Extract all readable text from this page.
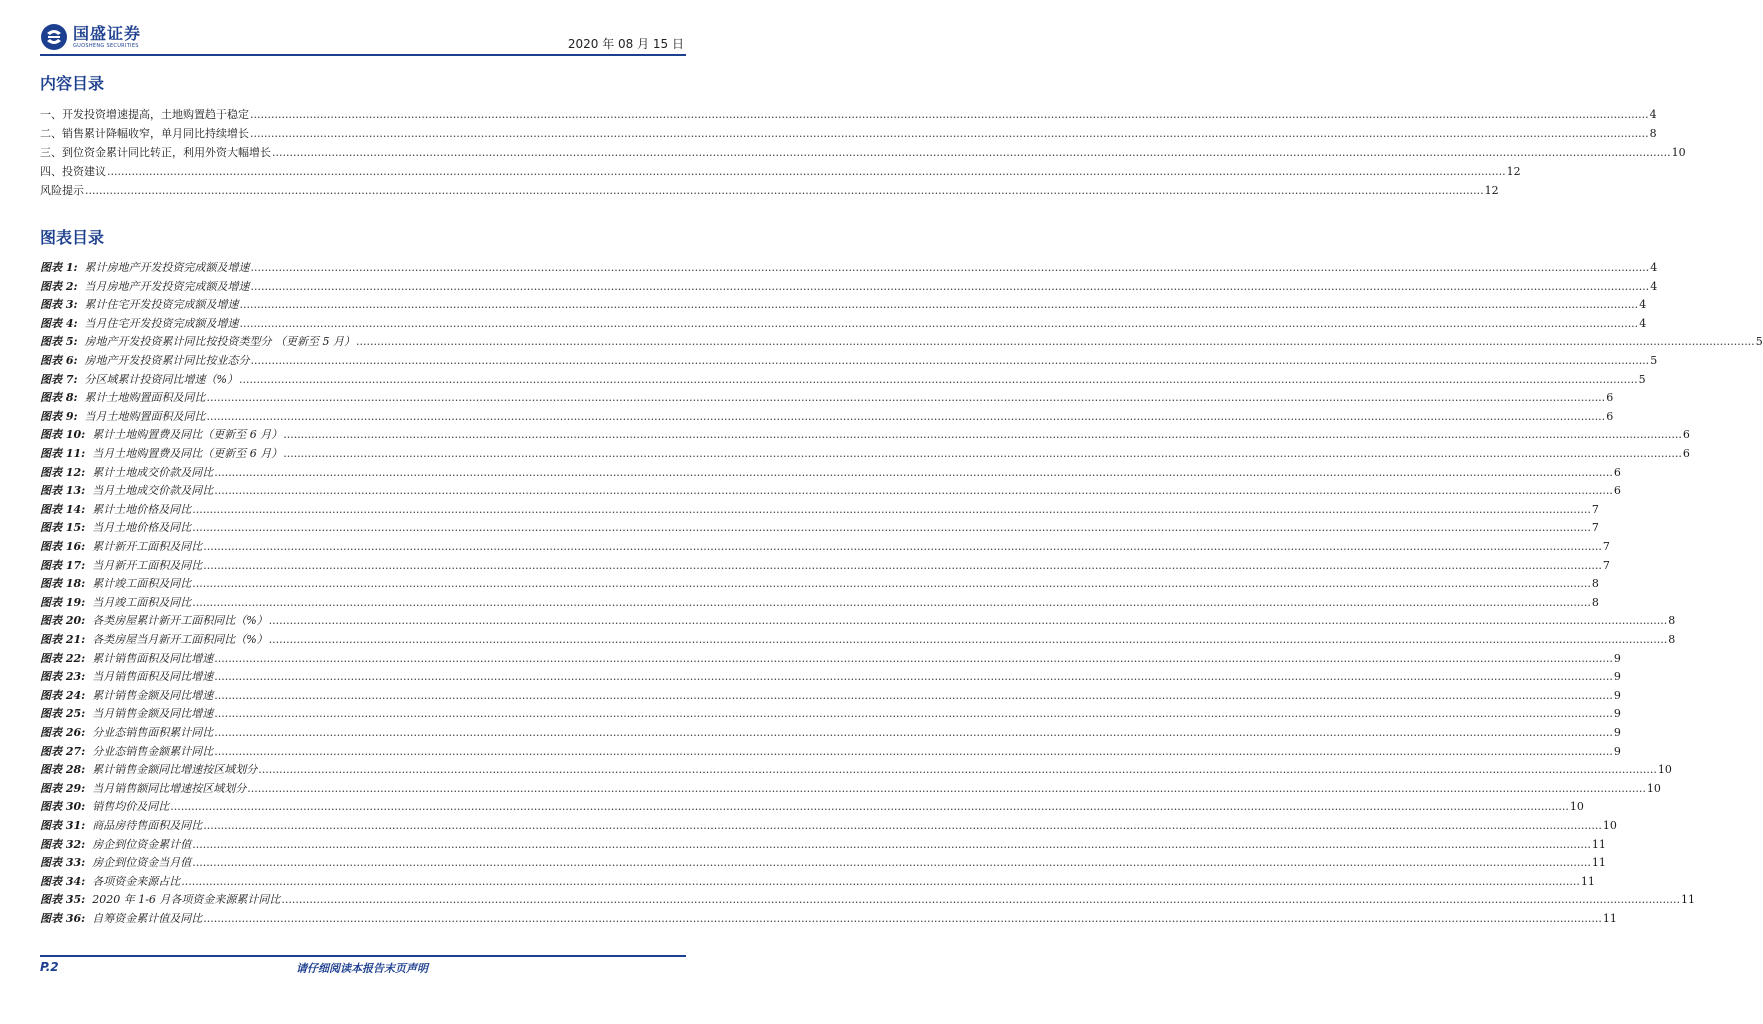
国盛证券
GUOSHENG SECURITIES	2020 年 08 月 15 日
内容目录
一、开发投资增速提高，土地购置趋于稳定 ................................................................................................................................................................................................................................................................................................................................................................................................................ 4
二、销售累计降幅收窄，单月同比持续增长 ................................................................................................................................................................................................................................................................................................................................................................................................................ 8
三、到位资金累计同比转正，利用外资大幅增长 ................................................................................................................................................................................................................................................................................................................................................................................................................ 10
四、投资建议 ................................................................................................................................................................................................................................................................................................................................................................................................................ 12
风险提示 ................................................................................................................................................................................................................................................................................................................................................................................................................ 12
图表目录
图表 1: 累计房地产开发投资完成额及增速 ................................................................................................................................................................................................................................................................................................................................................................................................................ 4
图表 2: 当月房地产开发投资完成额及增速 ................................................................................................................................................................................................................................................................................................................................................................................................................ 4
图表 3: 累计住宅开发投资完成额及增速 ................................................................................................................................................................................................................................................................................................................................................................................................................ 4
图表 4: 当月住宅开发投资完成额及增速 ................................................................................................................................................................................................................................................................................................................................................................................................................ 4
图表 5: 房地产开发投资累计同比按投资类型分 （更新至 5 月） ................................................................................................................................................................................................................................................................................................................................................................................................................ 5
图表 6: 房地产开发投资累计同比按业态分 ................................................................................................................................................................................................................................................................................................................................................................................................................ 5
图表 7: 分区域累计投资同比增速（%） ................................................................................................................................................................................................................................................................................................................................................................................................................ 5
图表 8: 累计土地购置面积及同比 ................................................................................................................................................................................................................................................................................................................................................................................................................ 6
图表 9: 当月土地购置面积及同比 ................................................................................................................................................................................................................................................................................................................................................................................................................ 6
图表 10: 累计土地购置费及同比（更新至 6 月） ................................................................................................................................................................................................................................................................................................................................................................................................................ 6
图表 11: 当月土地购置费及同比（更新至 6 月） ................................................................................................................................................................................................................................................................................................................................................................................................................ 6
图表 12: 累计土地成交价款及同比 ................................................................................................................................................................................................................................................................................................................................................................................................................ 6
图表 13: 当月土地成交价款及同比 ................................................................................................................................................................................................................................................................................................................................................................................................................ 6
图表 14: 累计土地价格及同比 ................................................................................................................................................................................................................................................................................................................................................................................................................ 7
图表 15: 当月土地价格及同比 ................................................................................................................................................................................................................................................................................................................................................................................................................ 7
图表 16: 累计新开工面积及同比 ................................................................................................................................................................................................................................................................................................................................................................................................................ 7
图表 17: 当月新开工面积及同比 ................................................................................................................................................................................................................................................................................................................................................................................................................ 7
图表 18: 累计竣工面积及同比 ................................................................................................................................................................................................................................................................................................................................................................................................................ 8
图表 19: 当月竣工面积及同比 ................................................................................................................................................................................................................................................................................................................................................................................................................ 8
图表 20: 各类房屋累计新开工面积同比（%） ................................................................................................................................................................................................................................................................................................................................................................................................................ 8
图表 21: 各类房屋当月新开工面积同比（%） ................................................................................................................................................................................................................................................................................................................................................................................................................ 8
图表 22: 累计销售面积及同比增速 ................................................................................................................................................................................................................................................................................................................................................................................................................ 9
图表 23: 当月销售面积及同比增速 ................................................................................................................................................................................................................................................................................................................................................................................................................ 9
图表 24: 累计销售金额及同比增速 ................................................................................................................................................................................................................................................................................................................................................................................................................ 9
图表 25: 当月销售金额及同比增速 ................................................................................................................................................................................................................................................................................................................................................................................................................ 9
图表 26: 分业态销售面积累计同比 ................................................................................................................................................................................................................................................................................................................................................................................................................ 9
图表 27: 分业态销售金额累计同比 ................................................................................................................................................................................................................................................................................................................................................................................................................ 9
图表 28: 累计销售金额同比增速按区域划分 ................................................................................................................................................................................................................................................................................................................................................................................................................ 10
图表 29: 当月销售额同比增速按区域划分 ................................................................................................................................................................................................................................................................................................................................................................................................................ 10
图表 30: 销售均价及同比 ................................................................................................................................................................................................................................................................................................................................................................................................................ 10
图表 31: 商品房待售面积及同比 ................................................................................................................................................................................................................................................................................................................................................................................................................ 10
图表 32: 房企到位资金累计值 ................................................................................................................................................................................................................................................................................................................................................................................................................ 11
图表 33: 房企到位资金当月值 ................................................................................................................................................................................................................................................................................................................................................................................................................ 11
图表 34: 各项资金来源占比 ................................................................................................................................................................................................................................................................................................................................................................................................................ 11
图表 35: 2020 年 1-6 月各项资金来源累计同比 ................................................................................................................................................................................................................................................................................................................................................................................................................ 11
图表 36: 自筹资金累计值及同比 ................................................................................................................................................................................................................................................................................................................................................................................................................ 11
P.2	请仔细阅读本报告末页声明
